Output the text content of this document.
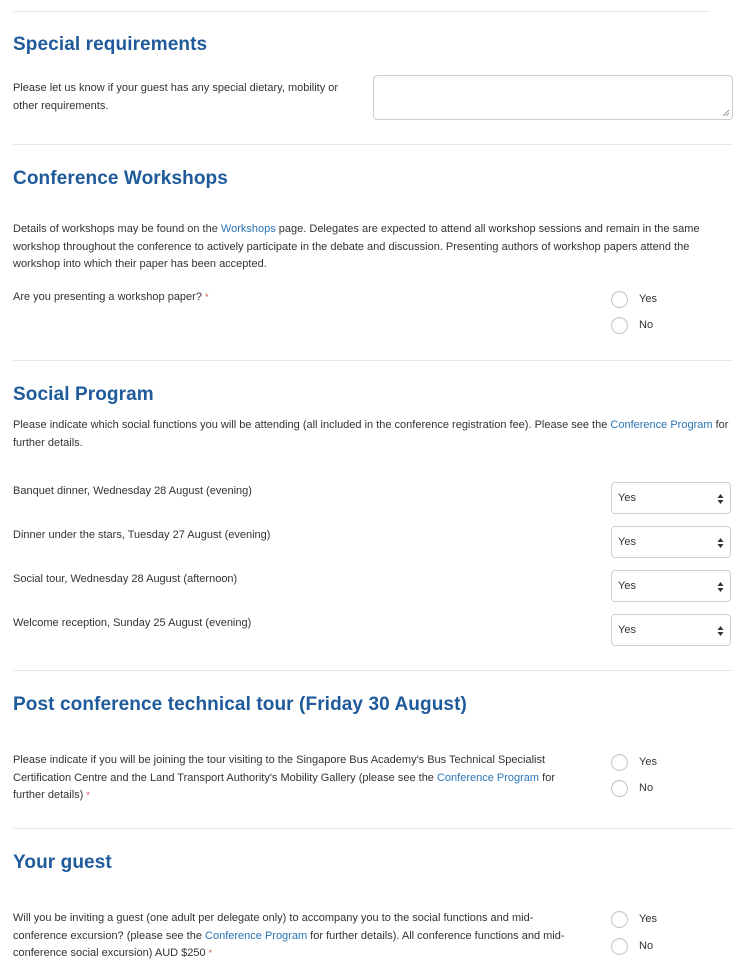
Special requirements
Please let us know if your guest has any special dietary, mobility or other requirements.
Conference Workshops
Details of workshops may be found on the Workshops page. Delegates are expected to attend all workshop sessions and remain in the same workshop throughout the conference to actively participate in the debate and discussion. Presenting authors of workshop papers attend the workshop into which their paper has been accepted.
Are you presenting a workshop paper? *	Yes
No
Social Program
Please indicate which social functions you will be attending (all included in the conference registration fee). Please see the Conference Program for further details.
Banquet dinner, Wednesday 28 August (evening)
Yes
Dinner under the stars, Tuesday 27 August (evening)
Yes
Social tour, Wednesday 28 August (afternoon)
Yes
Welcome reception, Sunday 25 August (evening)
Yes
Post conference technical tour (Friday 30 August)
Please indicate if you will be joining the tour visiting to the Singapore Bus Academy's Bus Technical Specialist
Certification Centre and the Land Transport Authority's Mobility Gallery (please see the Conference Program for
further details) *
Yes
No
Your guest
Will you be inviting a guest (one adult per delegate only) to accompany you to the social functions and mid-
conference excursion? (please see the Conference Program for further details). All conference functions and mid-
conference social excursion) AUD $250 *
Yes
No
